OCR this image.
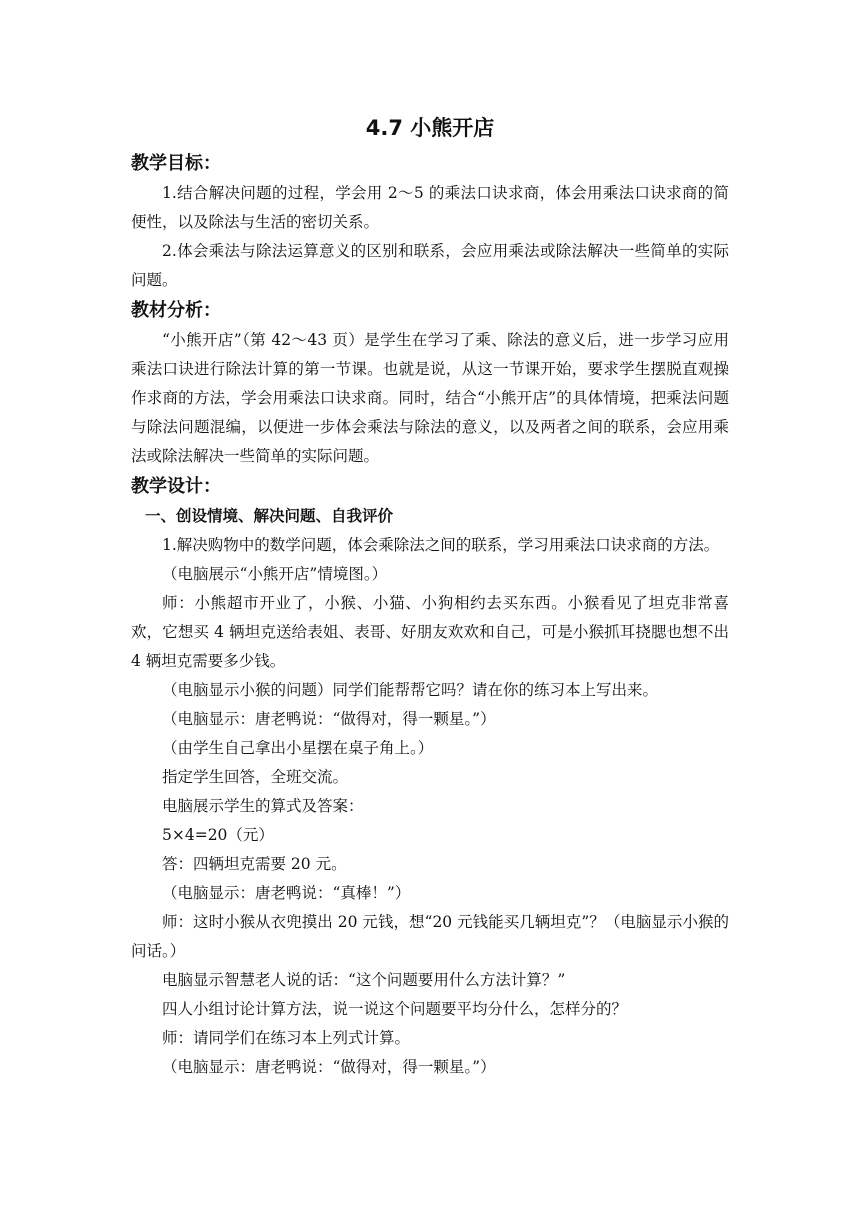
4.7 小熊开店
教学目标：

1.结合解决问题的过程，学会用 2～5 的乘法口诀求商，体会用乘法口诀求商的简便性，以及除法与生活的密切关系。

2.体会乘法与除法运算意义的区别和联系，会应用乘法或除法解决一些简单的实际问题。

教材分析：

“小熊开店”（第 42～43 页）是学生在学习了乘、除法的意义后，进一步学习应用乘法口诀进行除法计算的第一节课。也就是说，从这一节课开始，要求学生摆脱直观操作求商的方法，学会用乘法口诀求商。同时，结合“小熊开店”的具体情境，把乘法问题与除法问题混编，以便进一步体会乘法与除法的意义，以及两者之间的联系，会应用乘法或除法解决一些简单的实际问题。

教学设计：
一、创设情境、解决问题、自我评价

1.解决购物中的数学问题，体会乘除法之间的联系，学习用乘法口诀求商的方法。

（电脑展示“小熊开店”情境图。）

师：小熊超市开业了，小猴、小猫、小狗相约去买东西。小猴看见了坦克非常喜欢，它想买 4 辆坦克送给表姐、表哥、好朋友欢欢和自己，可是小猴抓耳挠腮也想不出 4 辆坦克需要多少钱。

（电脑显示小猴的问题）同学们能帮帮它吗？请在你的练习本上写出来。

（电脑显示：唐老鸭说：“做得对，得一颗星。”）

（由学生自己拿出小星摆在桌子角上。）

指定学生回答，全班交流。

电脑展示学生的算式及答案：

5×4=20（元）

答：四辆坦克需要 20 元。

（电脑显示：唐老鸭说：“真棒！”）

师：这时小猴从衣兜摸出 20 元钱，想“20 元钱能买几辆坦克”？（电脑显示小猴的问话。）

电脑显示智慧老人说的话：“这个问题要用什么方法计算？”

四人小组讨论计算方法，说一说这个问题要平均分什么，怎样分的？

师：请同学们在练习本上列式计算。

（电脑显示：唐老鸭说：“做得对，得一颗星。”）
